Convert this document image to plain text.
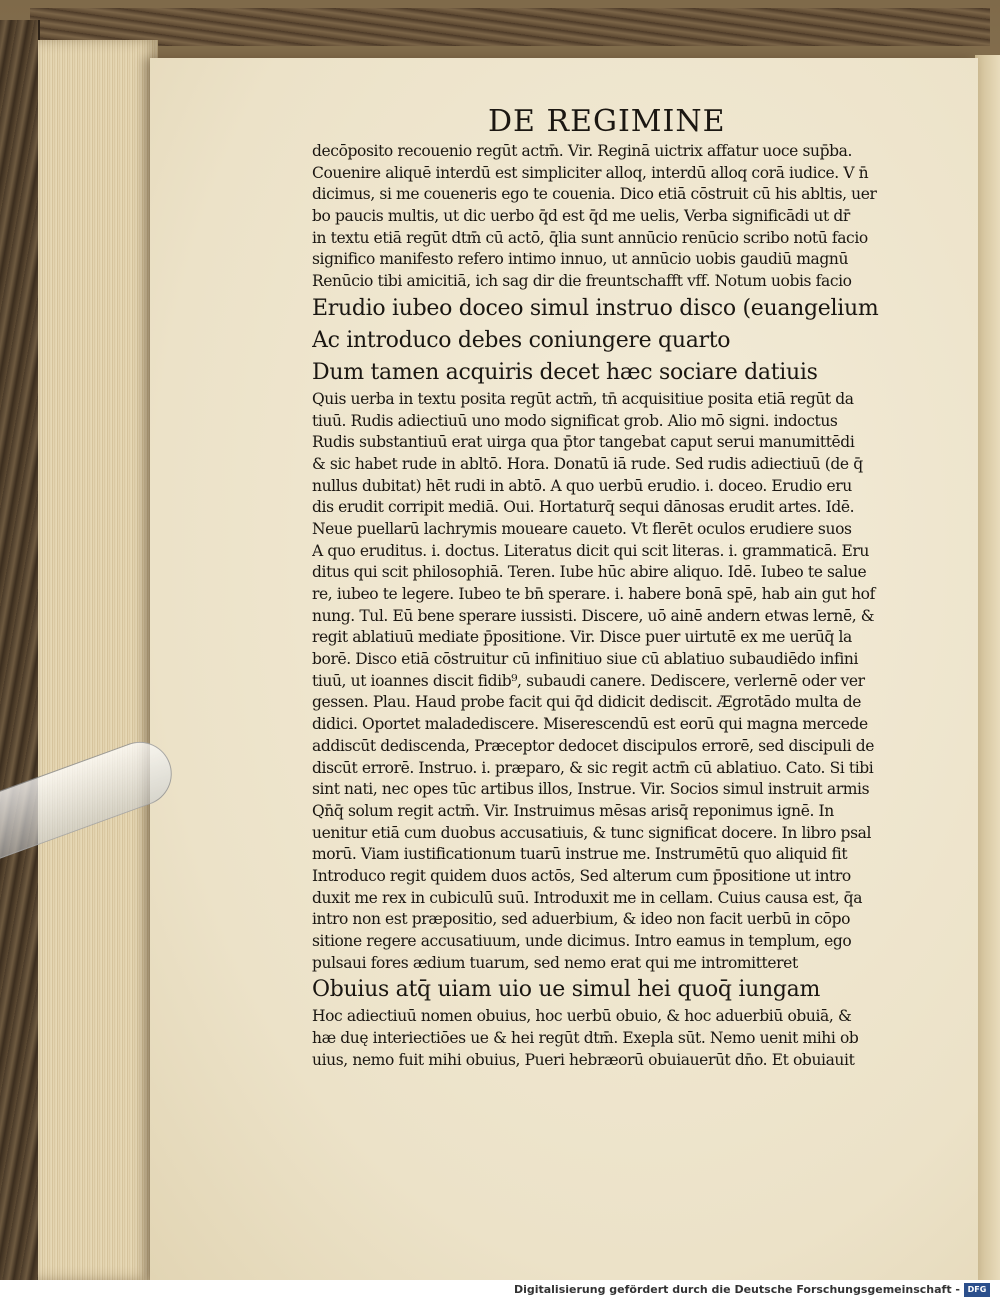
DE REGIMINE
decōposito recouenio regūt actm̄. Vir. Reginā uictrix affatur uoce sup̄ba.
Couenire aliquē interdū est simpliciter alloq, interdū alloq corā iudice. V n̄
dicimus, si me coueneris ego te couenia. Dico etiā cōstruit cū his abltis, uer
bo paucis multis, ut dic uerbo q̄d est q̄d me uelis, Verba significādi ut dr̄
in textu etiā regūt dtm̄ cū actō, q̄lia sunt annūcio renūcio scribo notū facio
significo manifesto refero intimo innuo, ut annūcio uobis gaudiū magnū
Renūcio tibi amicitiā, ich sag dir die freuntschafft vff. Notum uobis facio
Erudio iubeo doceo simul instruo disco (euangelium
Ac introduco debes coniungere quarto
Dum tamen acquiris decet hæc sociare datiuis
Quis uerba in textu posita regūt actm̄, tn̄ acquisitiue posita etiā regūt da
tiuū. Rudis adiectiuū uno modo significat grob. Alio mō signi. indoctus
Rudis substantiuū erat uirga qua p̄tor tangebat caput serui manumittēdi
& sic habet rude in abltō. Hora. Donatū iā rude. Sed rudis adiectiuū (de q̄
nullus dubitat) hēt rudi in abtō. A quo uerbū erudio. i. doceo. Erudio eru
dis erudit corripit mediā. Oui. Hortaturq̄ sequi dānosas erudit artes. Idē.
Neue puellarū lachrymis moueare caueto. Vt flerēt oculos erudiere suos
A quo eruditus. i. doctus. Literatus dicit qui scit literas. i. grammaticā. Eru
ditus qui scit philosophiā. Teren. Iube hūc abire aliquo. Idē. Iubeo te salue
re, iubeo te legere. Iubeo te bn̄ sperare. i. habere bonā spē, hab ain gut hof
nung. Tul. Eū bene sperare iussisti. Discere, uō ainē andern etwas lernē, &
regit ablatiuū mediate p̄positione. Vir. Disce puer uirtutē ex me uerūq̄ la
borē. Disco etiā cōstruitur cū infinitiuo siue cū ablatiuo subaudiēdo infini
tiuū, ut ioannes discit fidib⁹, subaudi canere. Dediscere, verlernē oder ver
gessen. Plau. Haud probe facit qui q̄d didicit dediscit. Ægrotādo multa de
didici. Oportet maladediscere. Miserescendū est eorū qui magna mercede
addiscūt dediscenda, Præceptor dedocet discipulos errorē, sed discipuli de
discūt errorē. Instruo. i. præparo, & sic regit actm̄ cū ablatiuo. Cato. Si tibi
sint nati, nec opes tūc artibus illos, Instrue. Vir. Socios simul instruit armis
Qn̄q̄ solum regit actm̄. Vir. Instruimus mēsas arisq̄ reponimus ignē. In
uenitur etiā cum duobus accusatiuis, & tunc significat docere. In libro psal
morū. Viam iustificationum tuarū instrue me. Instrumētū quo aliquid fit
Introduco regit quidem duos actōs, Sed alterum cum p̄positione ut intro
duxit me rex in cubiculū suū. Introduxit me in cellam. Cuius causa est, q̄a
intro non est præpositio, sed aduerbium, & ideo non facit uerbū in cōpo
sitione regere accusatiuum, unde dicimus. Intro eamus in templum, ego
pulsaui fores ædium tuarum, sed nemo erat qui me intromitteret
Obuius atq̄ uiam uio ue simul hei quoq̄ iungam
Hoc adiectiuū nomen obuius, hoc uerbū obuio, & hoc aduerbiū obuiā, &
hæ duę interiectiōes ue & hei regūt dtm̄. Exepla sūt. Nemo uenit mihi ob
uius, nemo fuit mihi obuius, Pueri hebræorū obuiauerūt dn̄o. Et obuiauit
Digitalisierung gefördert durch die Deutsche Forschungsgemeinschaft - DFG
